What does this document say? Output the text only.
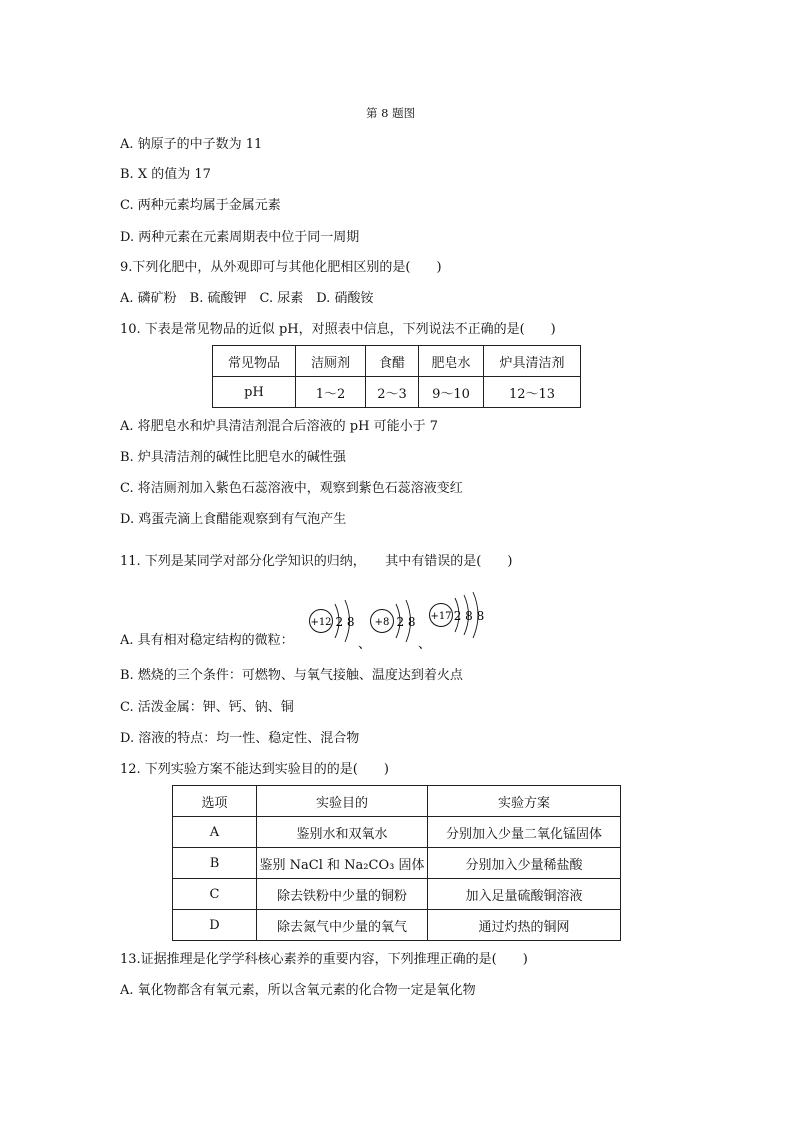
第 8 题图
A. 钠原子的中子数为 11
B. X 的值为 17
C. 两种元素均属于金属元素
D. 两种元素在元素周期表中位于同一周期
9.下列化肥中，从外观即可与其他化肥相区别的是(　　)
A. 磷矿粉　B. 硫酸钾　C. 尿素　D. 硝酸铵
10. 下表是常见物品的近似 pH，对照表中信息，下列说法不正确的是(　　)
常见物品	洁厕剂	食醋	肥皂水	炉具清洁剂
pH	1～2	2～3	9～10	12～13
A. 将肥皂水和炉具清洁剂混合后溶液的 pH 可能小于 7
B. 炉具清洁剂的碱性比肥皂水的碱性强
C. 将洁厕剂加入紫色石蕊溶液中，观察到紫色石蕊溶液变红
D. 鸡蛋壳滴上食醋能观察到有气泡产生
11. 下列是某同学对部分化学知识的归纳，　　其中有错误的是(　　)
A. 具有相对稳定结构的微粒：
+12 2 8
、
+8 2 8
、
+17 2 8 8
B. 燃烧的三个条件：可燃物、与氧气接触、温度达到着火点
C. 活泼金属：钾、钙、钠、铜
D. 溶液的特点：均一性、稳定性、混合物
12. 下列实验方案不能达到实验目的的是(　　)
选项	实验目的	实验方案
A	鉴别水和双氧水	分别加入少量二氧化锰固体
B	鉴别 NaCl 和 Na₂CO₃ 固体	分别加入少量稀盐酸
C	除去铁粉中少量的铜粉	加入足量硫酸铜溶液
D	除去氮气中少量的氧气	通过灼热的铜网
13.证据推理是化学学科核心素养的重要内容，下列推理正确的是(　　)
A. 氧化物都含有氧元素，所以含氧元素的化合物一定是氧化物
